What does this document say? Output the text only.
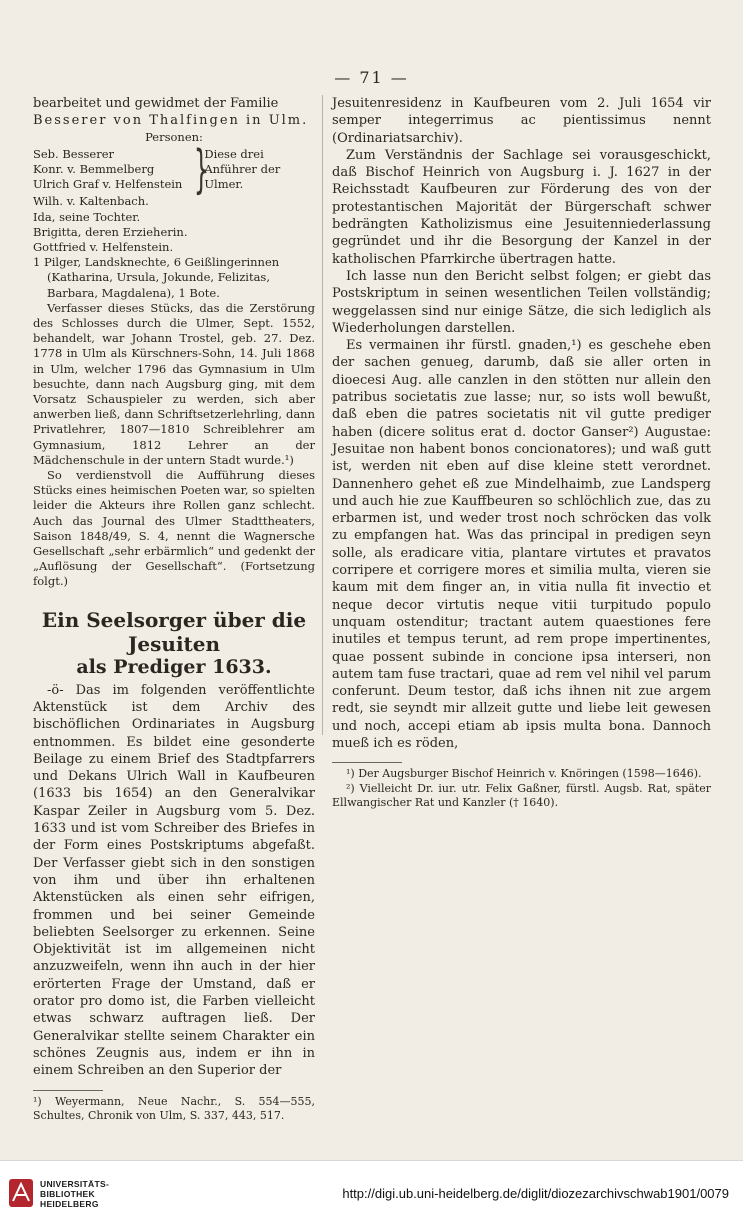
— 71 —

bearbeitet und gewidmet der Familie

Besserer von Thalfingen in Ulm.

Personen:

Seb. Besserer
Konr. v. Bemmelberg
Ulrich Graf v. Helfenstein }
Diese drei Anführer der Ulmer.
Wilh. v. Kaltenbach.
Ida, seine Tochter.
Brigitta, deren Erzieherin.
Gottfried v. Helfenstein.
1 Pilger, Landsknechte, 6 Geißlingerinnen (Katharina, Ursula, Jokunde, Felizitas, Barbara, Magdalena), 1 Bote.

Verfasser dieses Stücks, das die Zerstörung des Schlosses durch die Ulmer, Sept. 1552, behandelt, war Johann Trostel, geb. 27. Dez. 1778 in Ulm als Kürschners-Sohn, 14. Juli 1868 in Ulm, welcher 1796 das Gymnasium in Ulm besuchte, dann nach Augsburg ging, mit dem Vorsatz Schauspieler zu werden, sich aber anwerben ließ, dann Schriftsetzerlehrling, dann Privatlehrer, 1807—1810 Schreiblehrer am Gymnasium, 1812 Lehrer an der Mädchenschule in der untern Stadt wurde.¹)

So verdienstvoll die Aufführung dieses Stücks eines heimischen Poeten war, so spielten leider die Akteurs ihre Rollen ganz schlecht. Auch das Journal des Ulmer Stadttheaters, Saison 1848/49, S. 4, nennt die Wagnersche Gesellschaft „sehr erbärmlich“ und gedenkt der „Auflösung der Gesellschaft“. (Fortsetzung folgt.)

Ein Seelsorger über die Jesuiten
als Prediger 1633.

-ö- Das im folgenden veröffentlichte Aktenstück ist dem Archiv des bischöflichen Ordinariates in Augsburg entnommen. Es bildet eine gesonderte Beilage zu einem Brief des Stadtpfarrers und Dekans Ulrich Wall in Kaufbeuren (1633 bis 1654) an den Generalvikar Kaspar Zeiler in Augsburg vom 5. Dez. 1633 und ist vom Schreiber des Briefes in der Form eines Postskriptums abgefaßt. Der Verfasser giebt sich in den sonstigen von ihm und über ihn erhaltenen Aktenstücken als einen sehr eifrigen, frommen und bei seiner Gemeinde beliebten Seelsorger zu erkennen. Seine Objektivität ist im allgemeinen nicht anzuzweifeln, wenn ihn auch in der hier erörterten Frage der Umstand, daß er orator pro domo ist, die Farben vielleicht etwas schwarz auftragen ließ. Der Generalvikar stellte seinem Charakter ein schönes Zeugnis aus, indem er ihn in einem Schreiben an den Superior der

¹) Weyermann, Neue Nachr., S. 554—555, Schultes, Chronik von Ulm, S. 337, 443, 517.

Jesuitenresidenz in Kaufbeuren vom 2. Juli 1654 vir semper integerrimus ac pientissimus nennt (Ordinariatsarchiv).

Zum Verständnis der Sachlage sei vorausgeschickt, daß Bischof Heinrich von Augsburg i. J. 1627 in der Reichsstadt Kaufbeuren zur Förderung des von der protestantischen Majorität der Bürgerschaft schwer bedrängten Katholizismus eine Jesuitenniederlassung gegründet und ihr die Besorgung der Kanzel in der katholischen Pfarrkirche übertragen hatte.

Ich lasse nun den Bericht selbst folgen; er giebt das Postskriptum in seinen wesentlichen Teilen vollständig; weggelassen sind nur einige Sätze, die sich lediglich als Wiederholungen darstellen.

Es vermainen ihr fürstl. gnaden,¹) es geschehe eben der sachen genueg, darumb, daß sie aller orten in dioecesi Aug. alle canzlen in den stötten nur allein den patribus societatis zue lasse; nur, so ists woll bewußt, daß eben die patres societatis nit vil gutte prediger haben (dicere solitus erat d. doctor Ganser²) Augustae: Jesuitae non habent bonos concionatores); und waß gutt ist, werden nit eben auf dise kleine stett verordnet. Dannenhero gehet eß zue Mindelhaimb, zue Landsperg und auch hie zue Kauffbeuren so schlöchlich zue, das zu erbarmen ist, und weder trost noch schröcken das volk zu empfangen hat. Was das principal in predigen seyn solle, als eradicare vitia, plantare virtutes et pravatos corripere et corrigere mores et similia multa, vieren sie kaum mit dem finger an, in vitia nulla fit invectio et neque decor virtutis neque vitii turpitudo populo unquam ostenditur; tractant autem quaestiones fere inutiles et tempus terunt, ad rem prope impertinentes, quae possent subinde in concione ipsa interseri, non autem tam fuse tractari, quae ad rem vel nihil vel parum conferunt. Deum testor, daß ichs ihnen nit zue argem redt, sie seyndt mir allzeit gutte und liebe leit gewesen und noch, accepi etiam ab ipsis multa bona. Dannoch mueß ich es röden,

¹) Der Augsburger Bischof Heinrich v. Knöringen (1598—1646).

²) Vielleicht Dr. iur. utr. Felix Gaßner, fürstl. Augsb. Rat, später Ellwangischer Rat und Kanzler († 1640).

UNIVERSITÄTS-
BIBLIOTHEK
HEIDELBERG
http://digi.ub.uni-heidelberg.de/diglit/diozezarchivschwab1901/0079
